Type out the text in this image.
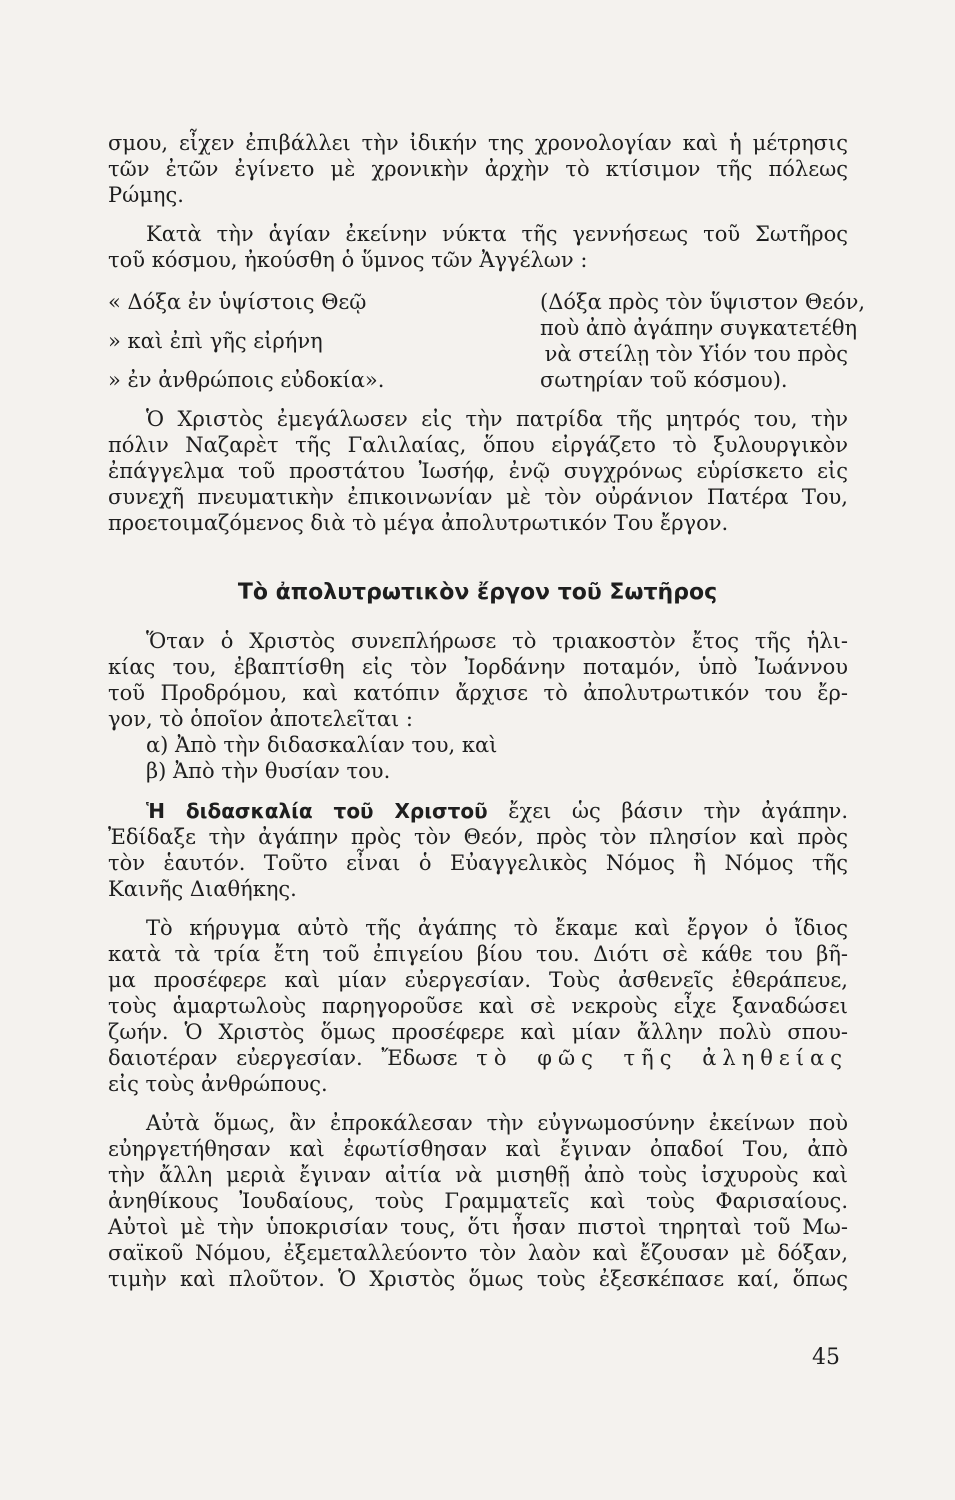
σμου, εἶχεν ἐπιβάλλει τὴν ἰδικήν της χρονολογίαν καὶ ἡ μέτρησις
τῶν ἐτῶν ἐγίνετο μὲ χρονικὴν ἀρχὴν τὸ κτίσιμον τῆς πόλεως
Ρώμης.
Κατὰ τὴν ἁγίαν ἐκείνην νύκτα τῆς γεννήσεως τοῦ Σωτῆρος
τοῦ κόσμου, ἠκούσθη ὁ ὕμνος τῶν Ἀγγέλων :
« Δόξα ἐν ὑψίστοις Θεῷ
» καὶ ἐπὶ γῆς εἰρήνη
» ἐν ἀνθρώποις εὐδοκία».
(Δόξα πρὸς τὸν ὕψιστον Θεόν,
ποὺ ἀπὸ ἀγάπην συγκατετέθη
νὰ στείλῃ τὸν Υἱόν του πρὸς
σωτηρίαν τοῦ κόσμου).
Ὁ Χριστὸς ἐμεγάλωσεν εἰς τὴν πατρίδα τῆς μητρός του, τὴν
πόλιν Ναζαρὲτ τῆς Γαλιλαίας, ὅπου εἰργάζετο τὸ ξυλουργικὸν
ἐπάγγελμα τοῦ προστάτου Ἰωσήφ, ἐνῷ συγχρόνως εὑρίσκετο εἰς
συνεχῆ πνευματικὴν ἐπικοινωνίαν μὲ τὸν οὐράνιον Πατέρα Του,
προετοιμαζόμενος διὰ τὸ μέγα ἀπολυτρωτικόν Του ἔργον.
Τὸ ἀπολυτρωτικὸν ἔργον τοῦ Σωτῆρος
Ὅταν ὁ Χριστὸς συνεπλήρωσε τὸ τριακοστὸν ἔτος τῆς ἡλι-
κίας του, ἐβαπτίσθη εἰς τὸν Ἰορδάνην ποταμόν, ὑπὸ Ἰωάννου
τοῦ Προδρόμου, καὶ κατόπιν ἄρχισε τὸ ἀπολυτρωτικόν του ἔρ-
γον, τὸ ὁποῖον ἀποτελεῖται :
α) Ἀπὸ τὴν διδασκαλίαν του, καὶ
β) Ἀπὸ τὴν θυσίαν του.
Ἡ διδασκαλία τοῦ Χριστοῦ ἔχει ὡς βάσιν τὴν ἀγάπην.
Ἐδίδαξε τὴν ἀγάπην πρὸς τὸν Θεόν, πρὸς τὸν πλησίον καὶ πρὸς
τὸν ἑαυτόν. Τοῦτο εἶναι ὁ Εὐαγγελικὸς Νόμος ἢ Νόμος τῆς
Καινῆς Διαθήκης.
Τὸ κήρυγμα αὐτὸ τῆς ἀγάπης τὸ ἔκαμε καὶ ἔργον ὁ ἴδιος
κατὰ τὰ τρία ἔτη τοῦ ἐπιγείου βίου του. Διότι σὲ κάθε του βῆ-
μα προσέφερε καὶ μίαν εὐεργεσίαν. Τοὺς ἀσθενεῖς ἐθεράπευε,
τοὺς ἁμαρτωλοὺς παρηγοροῦσε καὶ σὲ νεκροὺς εἶχε ξαναδώσει
ζωήν. Ὁ Χριστὸς ὅμως προσέφερε καὶ μίαν ἄλλην πολὺ σπου-
δαιοτέραν εὐεργεσίαν. Ἔδωσε τὸ φῶς τῆς ἀληθείας
εἰς τοὺς ἀνθρώπους.
Αὐτὰ ὅμως, ἂν ἐπροκάλεσαν τὴν εὐγνωμοσύνην ἐκείνων ποὺ
εὐηργετήθησαν καὶ ἐφωτίσθησαν καὶ ἔγιναν ὀπαδοί Του, ἀπὸ
τὴν ἄλλη μεριὰ ἔγιναν αἰτία νὰ μισηθῇ ἀπὸ τοὺς ἰσχυροὺς καὶ
ἀνηθίκους Ἰουδαίους, τοὺς Γραμματεῖς καὶ τοὺς Φαρισαίους.
Αὐτοὶ μὲ τὴν ὑποκρισίαν τους, ὅτι ἦσαν πιστοὶ τηρηταὶ τοῦ Μω-
σαϊκοῦ Νόμου, ἐξεμεταλλεύοντο τὸν λαὸν καὶ ἔζουσαν μὲ δόξαν,
τιμὴν καὶ πλοῦτον. Ὁ Χριστὸς ὅμως τοὺς ἐξεσκέπασε καί, ὅπως
45
